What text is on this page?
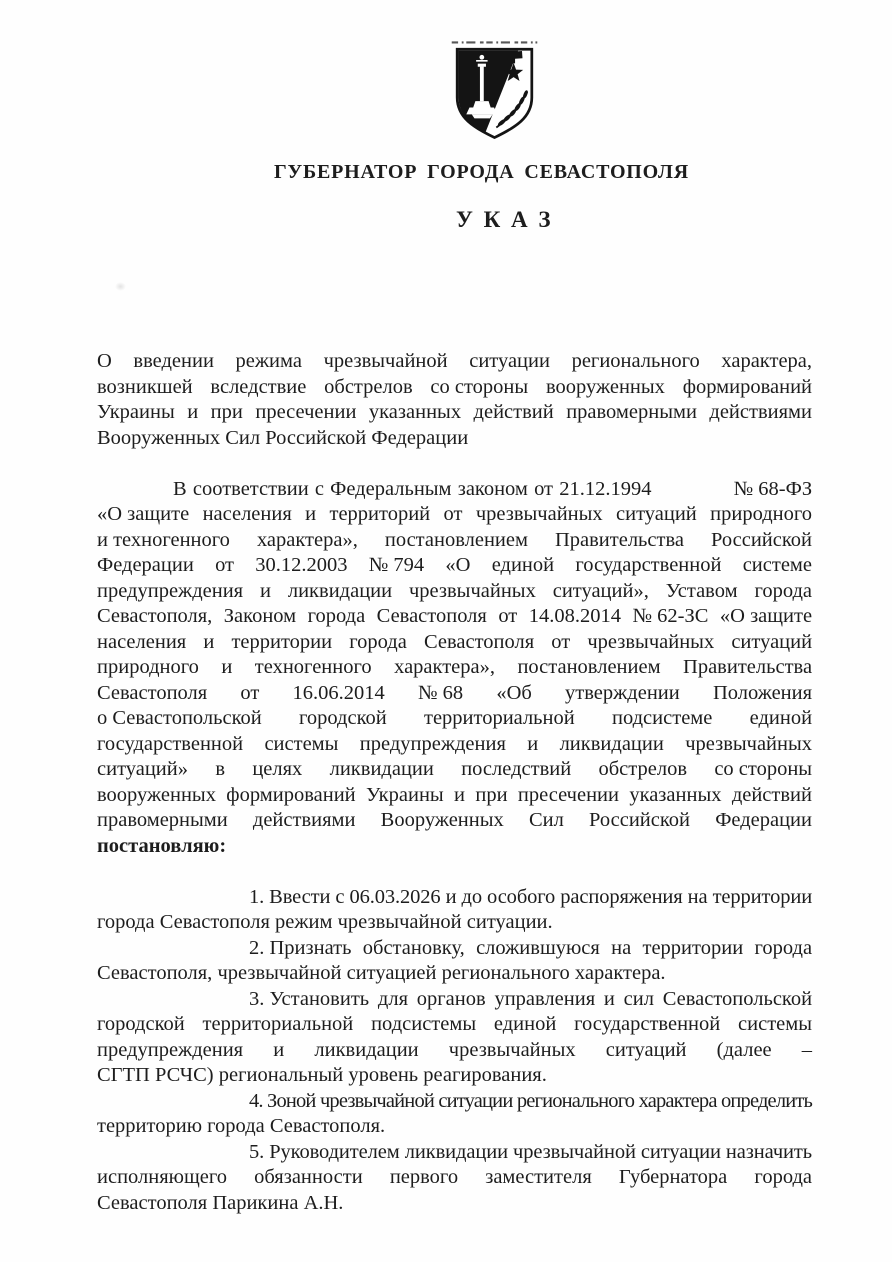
ГУБЕРНАТОР ГОРОДА СЕВАСТОПОЛЯ
У К А З
О введении режима чрезвычайной ситуации регионального характера,
возникшей вследствие обстрелов со стороны вооруженных формирований
Украины и при пресечении указанных действий правомерными действиями
Вооруженных Сил Российской Федерации
В соответствии с Федеральным законом от 21.12.1994	№ 68-ФЗ
«О защите населения и территорий от чрезвычайных ситуаций природного
и техногенного характера», постановлением Правительства Российской
Федерации от 30.12.2003 № 794 «О единой государственной системе
предупреждения и ликвидации чрезвычайных ситуаций», Уставом города
Севастополя, Законом города Севастополя от 14.08.2014 № 62-ЗС «О защите
населения и территории города Севастополя от чрезвычайных ситуаций
природного и техногенного характера», постановлением Правительства
Севастополя от 16.06.2014 № 68 «Об утверждении Положения
о Севастопольской городской территориальной подсистеме единой
государственной системы предупреждения и ликвидации чрезвычайных
ситуаций» в целях ликвидации последствий обстрелов со стороны
вооруженных формирований Украины и при пресечении указанных действий
правомерными действиями Вооруженных Сил Российской Федерации
постановляю:
1. Ввести с 06.03.2026 и до особого распоряжения на территории
города Севастополя режим чрезвычайной ситуации.
2. Признать обстановку, сложившуюся на территории города
Севастополя, чрезвычайной ситуацией регионального характера.
3. Установить для органов управления и сил Севастопольской
городской территориальной подсистемы единой государственной системы
предупреждения и ликвидации чрезвычайных ситуаций (далее –
СГТП РСЧС) региональный уровень реагирования.
4. Зоной чрезвычайной ситуации регионального характера определить
территорию города Севастополя.
5. Руководителем ликвидации чрезвычайной ситуации назначить
исполняющего обязанности первого заместителя Губернатора города
Севастополя Парикина А.Н.
